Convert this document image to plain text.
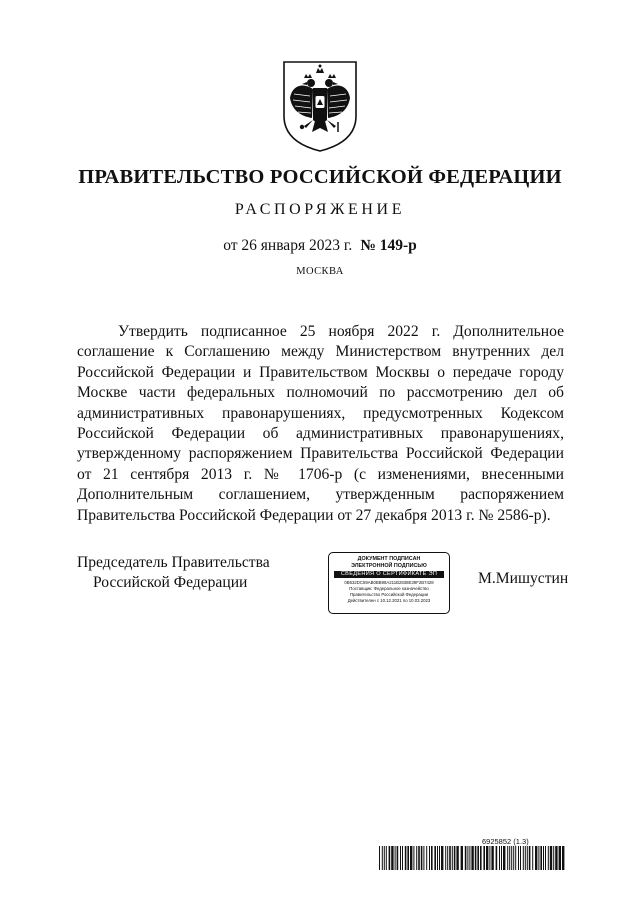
ПРАВИТЕЛЬСТВО РОССИЙСКОЙ ФЕДЕРАЦИИ
РАСПОРЯЖЕНИЕ
от 26 января 2023 г. № 149-р
МОСКВА

Утвердить подписанное 25 ноября 2022 г. Дополнительное соглашение к Соглашению между Министерством внутренних дел Российской Федерации и Правительством Москвы о передаче городу Москве части федеральных полномочий по рассмотрению дел об административных правонарушениях, предусмотренных Кодексом Российской Федерации об административных правонарушениях, утвержденному распоряжением Правительства Российской Федерации от 21 сентября 2013 г. № 1706-р (с изменениями, внесенными Дополнительным соглашением, утвержденным распоряжением Правительства Российской Федерации от 27 декабря 2013 г. № 2586-р).

Председатель Правительства
Российской Федерации
ДОКУМЕНТ ПОДПИСАН
ЭЛЕКТРОННОЙ ПОДПИСЬЮ
СВЕДЕНИЯ О СЕРТИФИКАТЕ ЭП
0B632DC59AB0BB98A211B2838E39F2B7428
Поставщик: Федеральное казначейство
Правительство Российской Федерации
Действителен с 10.12.2021 по 10.03.2023
М.Мишустин
6925852 (1.3)
